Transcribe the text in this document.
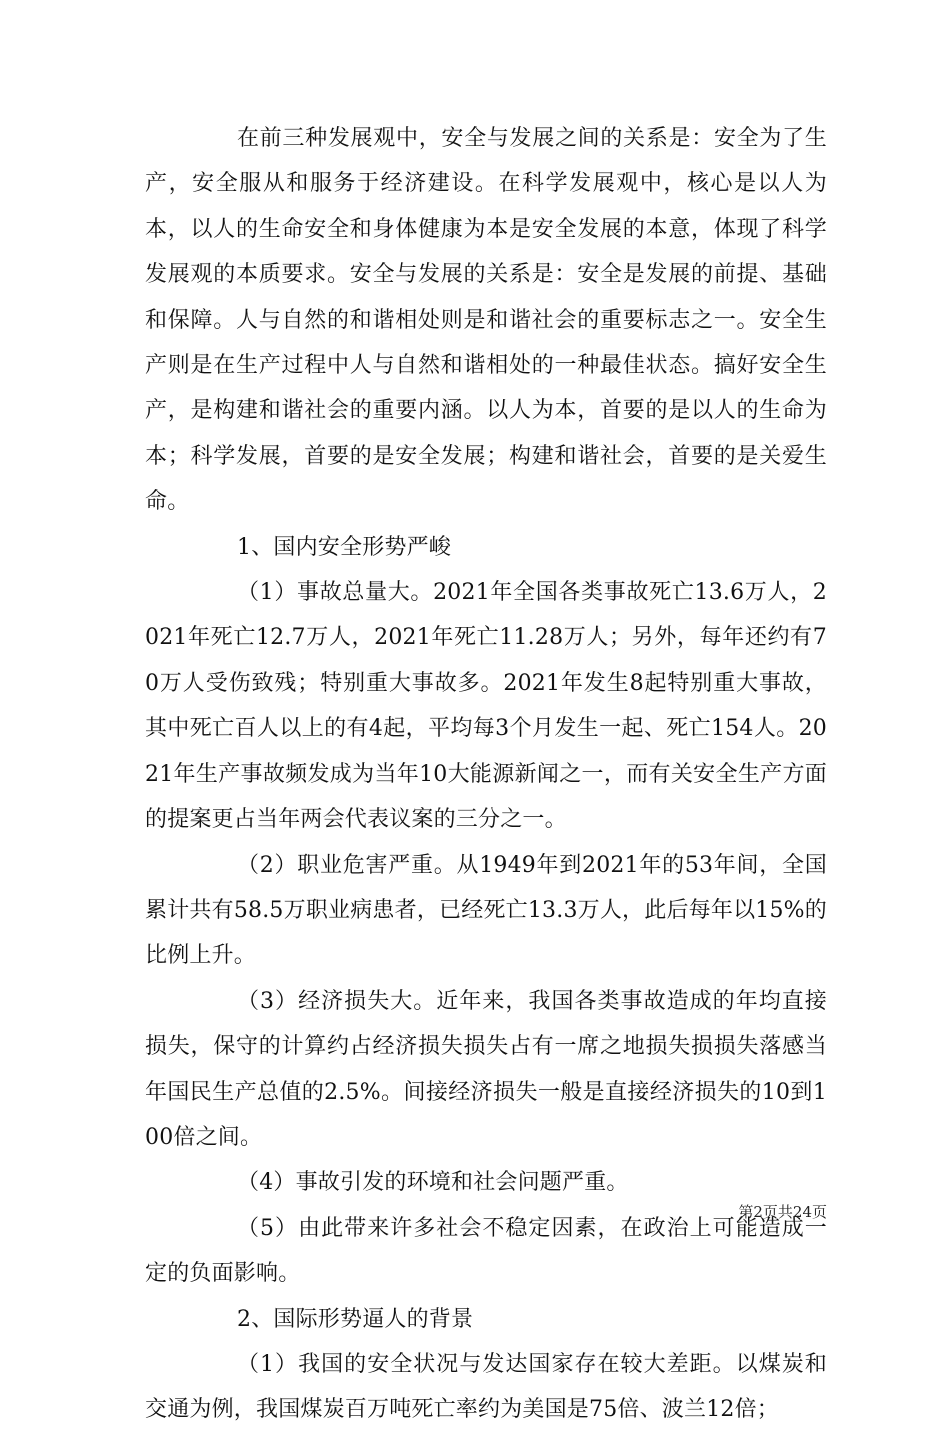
在前三种发展观中，安全与发展之间的关系是：安全为了生产，安全服从和服务于经济建设。在科学发展观中，核心是以人为本，以人的生命安全和身体健康为本是安全发展的本意，体现了科学发展观的本质要求。安全与发展的关系是：安全是发展的前提、基础和保障。人与自然的和谐相处则是和谐社会的重要标志之一。安全生产则是在生产过程中人与自然和谐相处的一种最佳状态。搞好安全生产，是构建和谐社会的重要内涵。以人为本，首要的是以人的生命为本；科学发展，首要的是安全发展；构建和谐社会，首要的是关爱生命。

1、国内安全形势严峻

（1）事故总量大。2021年全国各类事故死亡13.6万人，2021年死亡12.7万人，2021年死亡11.28万人；另外，每年还约有70万人受伤致残；特别重大事故多。2021年发生8起特别重大事故，其中死亡百人以上的有4起，平均每3个月发生一起、死亡154人。2021年生产事故频发成为当年10大能源新闻之一，而有关安全生产方面的提案更占当年两会代表议案的三分之一。

（2）职业危害严重。从1949年到2021年的53年间，全国累计共有58.5万职业病患者，已经死亡13.3万人，此后每年以15%的比例上升。

（3）经济损失大。近年来，我国各类事故造成的年均直接损失，保守的计算约占经济损失损失占有一席之地损失损损失落感当年国民生产总值的2.5%。间接经济损失一般是直接经济损失的10到100倍之间。

（4）事故引发的环境和社会问题严重。

（5）由此带来许多社会不稳定因素，在政治上可能造成一定的负面影响。

2、国际形势逼人的背景

（1）我国的安全状况与发达国家存在较大差距。以煤炭和交通为例，我国煤炭百万吨死亡率约为美国是75倍、波兰12倍；

第2页共24页
